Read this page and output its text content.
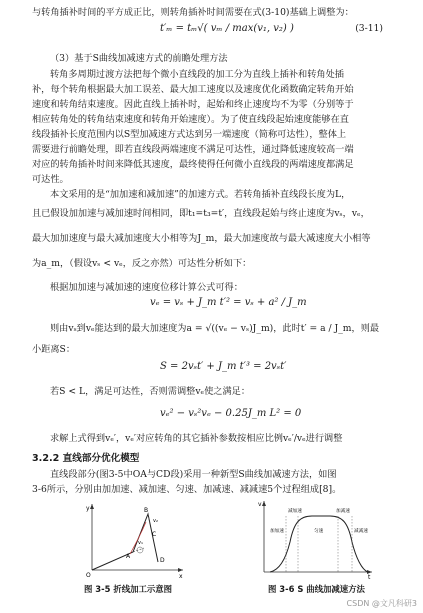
与转角插补时间的平方成正比，则转角插补时间需要在式(3-10)基础上调整为：
t′ₘ = tₘ√( vₘ / max(v₁, v₂) )	(3-11)
（3）基于S曲线加减速方式的前瞻处理方法
转角多周期过渡方法把每个微小直线段的加工分为直线上插补和转角处插
补，每个转角根据最大加工误差、最大加工速度以及速度优化函数确定转角开始
速度和转角结束速度。因此直线上插补时，起始和终止速度均不为零（分别等于
相应转角处的转角结束速度和转角开始速度）。为了使直线段起始速度能够在直
线段插补长度范围内以S型加减速方式达到另一端速度（简称可达性），整体上
需要进行前瞻处理，即若直线段两端速度不满足可达性，通过降低速度较高一端
对应的转角插补时间来降低其速度，最终使得任何微小直线段的两端速度都满足
可达性。
本文采用的是“加加速和减加速”的加速方式。若转角插补直线段长度为L，
且已假设加加速与减加速时间相同，即t₁=t₃=t′，直线段起始与终止速度为vₛ，vₑ，
最大加加速度与最大减加速度大小相等为J_m，最大加速度故与最大减速度大小相等
为a_m，（假设vₛ < vₑ，反之亦然）可达性分析如下：
根据加加速与减加速的速度位移计算公式可得：
vₑ = vₛ + J_m t′² = vₛ + a² / J_m
则由vₛ到vₑ能达到的最大加速度为a = √((vₑ − vₛ)J_m)，此时t′ = a / J_m，则最
小距离S：
S = 2vₛt′ + J_m t′³ = 2vₛt′
若S < L，满足可达性，否则需调整vₑ使之满足：
vₑ² − vₛ²vₑ − 0.25J_m L² = 0
求解上式得到vₑ′，vₑ′对应转角的其它插补参数按相应比例vₑ′/vₑ进行调整
3.2.2 直线部分优化模型
直线段部分(图3-5中OA与CD段)采用一种新型S曲线加减速方法，如图
3-6所示，分别由加加速、减加速、匀速、加减速、减减速5个过程组成[8]。
y
x
O
A
B
C
D
v₁
v₂
图 3-5 折线加工示意图
v
t
加加速
减加速
匀速
加减速
减减速
图 3-6 S 曲线加减速方法
CSDN @文凡科研3
